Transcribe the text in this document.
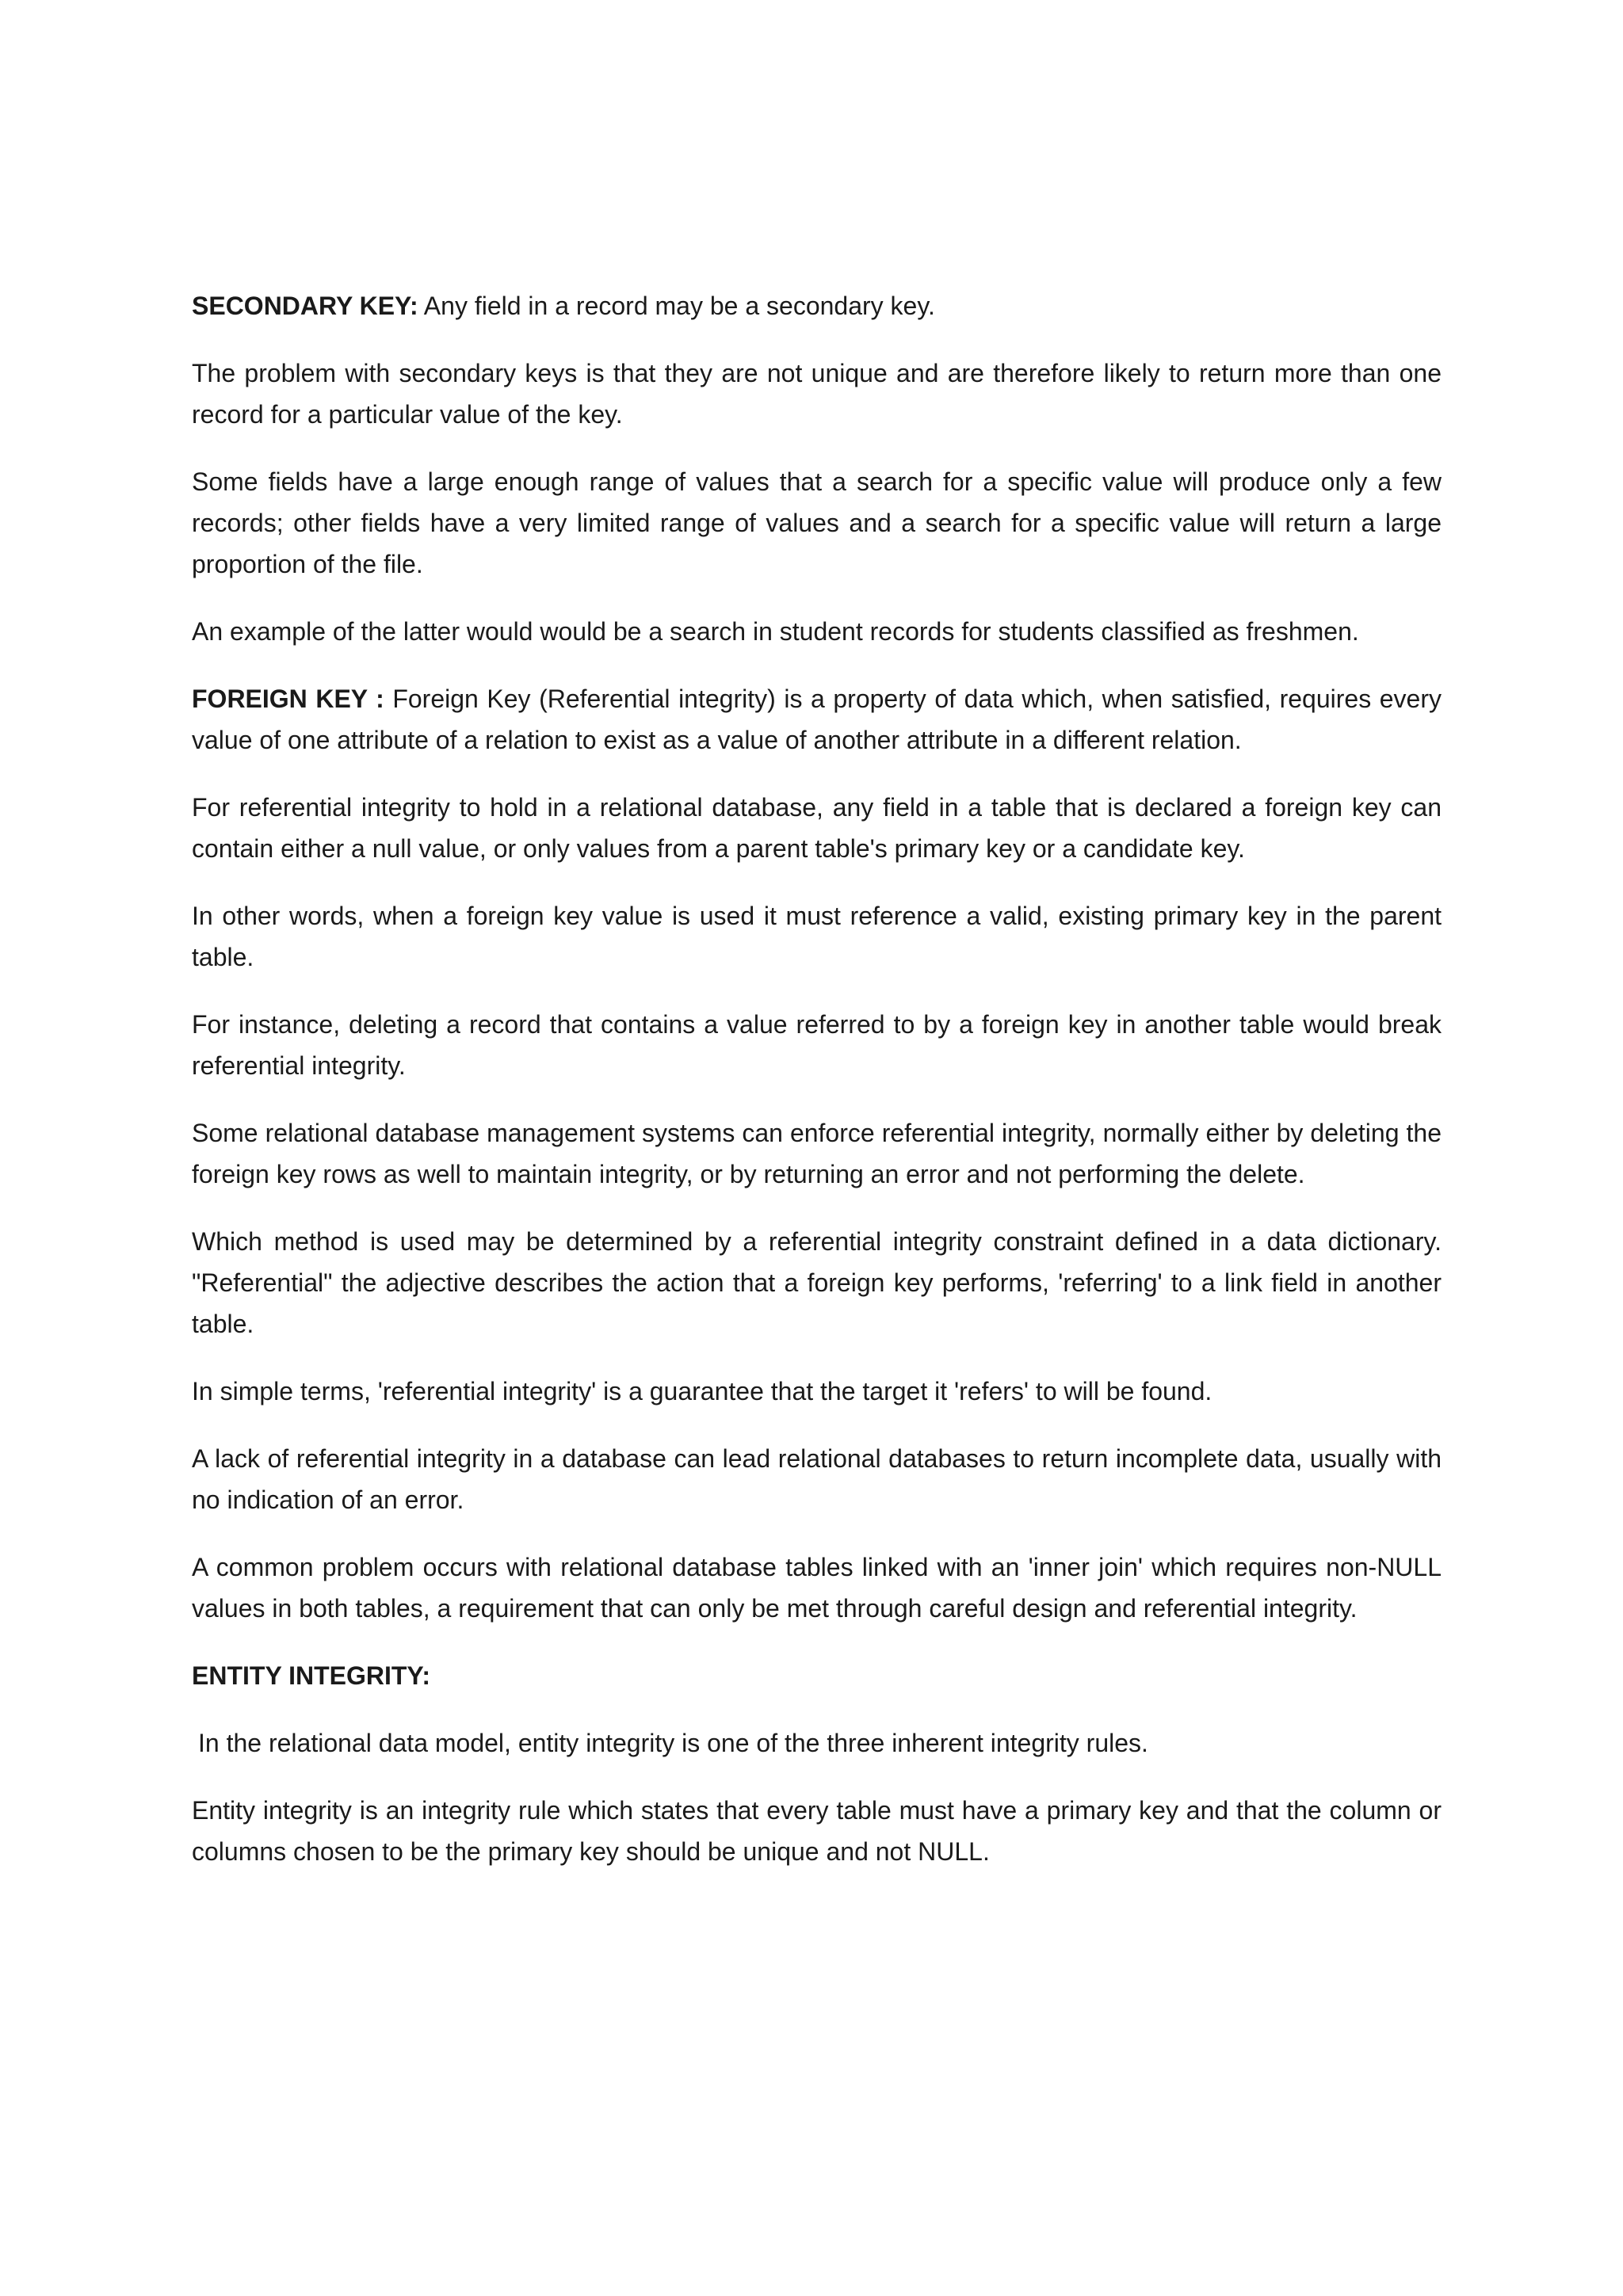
SECONDARY KEY: Any field in a record may be a secondary key.

The problem with secondary keys is that they are not unique and are therefore likely to return more than one record for a particular value of the key.

Some fields have a large enough range of values that a search for a specific value will produce only a few records; other fields have a very limited range of values and a search for a specific value will return a large proportion of the file.

An example of the latter would would be a search in student records for students classified as freshmen.

FOREIGN KEY : Foreign Key (Referential integrity) is a property of data which, when satisfied, requires every value of one attribute of a relation to exist as a value of another attribute in a different relation.

For referential integrity to hold in a relational database, any field in a table that is declared a foreign key can contain either a null value, or only values from a parent table's primary key or a candidate key.

In other words, when a foreign key value is used it must reference a valid, existing primary key in the parent table.

For instance, deleting a record that contains a value referred to by a foreign key in another table would break referential integrity.

Some relational database management systems can enforce referential integrity, normally either by deleting the foreign key rows as well to maintain integrity, or by returning an error and not performing the delete.

Which method is used may be determined by a referential integrity constraint defined in a data dictionary. "Referential" the adjective describes the action that a foreign key performs, 'referring' to a link field in another table.

In simple terms, 'referential integrity' is a guarantee that the target it 'refers' to will be found.

A lack of referential integrity in a database can lead relational databases to return incomplete data, usually with no indication of an error.

A common problem occurs with relational database tables linked with an 'inner join' which requires non-NULL values in both tables, a requirement that can only be met through careful design and referential integrity.

ENTITY INTEGRITY:

In the relational data model, entity integrity is one of the three inherent integrity rules.

Entity integrity is an integrity rule which states that every table must have a primary key and that the column or columns chosen to be the primary key should be unique and not NULL.
